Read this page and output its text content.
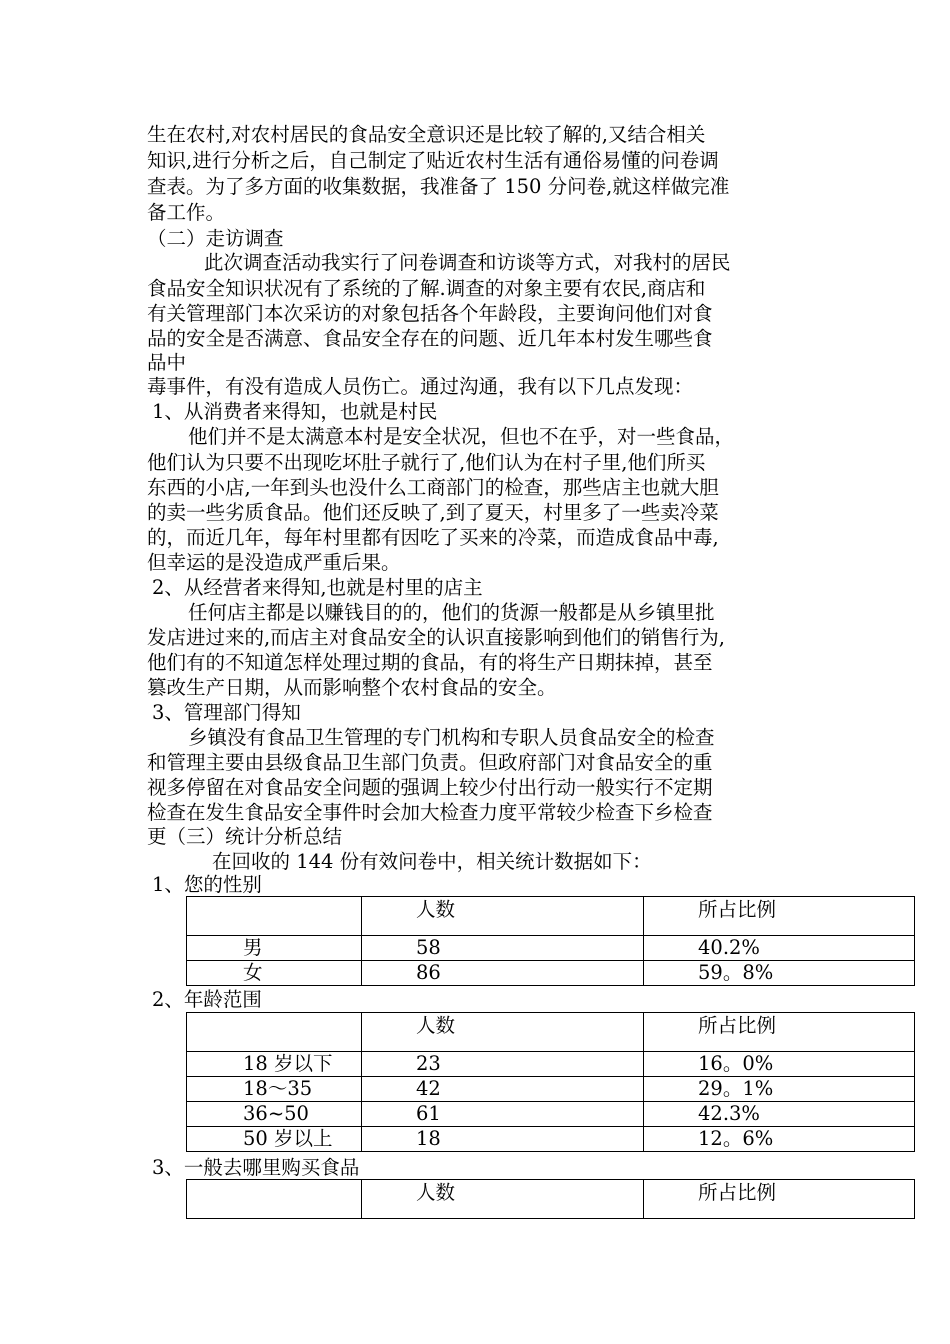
生在农村,对农村居民的食品安全意识还是比较了解的,又结合相关
知识,进行分析之后，自己制定了贴近农村生活有通俗易懂的问卷调
查表。为了多方面的收集数据，我准备了 150 分问卷,就这样做完准
备工作。
（二）走访调查
此次调查活动我实行了问卷调查和访谈等方式，对我村的居民
食品安全知识状况有了系统的了解.调查的对象主要有农民,商店和
有关管理部门本次采访的对象包括各个年龄段，主要询问他们对食
品的安全是否满意、食品安全存在的问题、近几年本村发生哪些食
品中
毒事件，有没有造成人员伤亡。通过沟通，我有以下几点发现：
1、从消费者来得知，也就是村民
他们并不是太满意本村是安全状况，但也不在乎，对一些食品，
他们认为只要不出现吃坏肚子就行了,他们认为在村子里,他们所买
东西的小店,一年到头也没什么工商部门的检查，那些店主也就大胆
的卖一些劣质食品。他们还反映了,到了夏天，村里多了一些卖冷菜
的，而近几年，每年村里都有因吃了买来的冷菜，而造成食品中毒,
但幸运的是没造成严重后果。
2、从经营者来得知,也就是村里的店主
任何店主都是以赚钱目的的，他们的货源一般都是从乡镇里批
发店进过来的,而店主对食品安全的认识直接影响到他们的销售行为,
他们有的不知道怎样处理过期的食品，有的将生产日期抹掉，甚至
篡改生产日期，从而影响整个农村食品的安全。
3、管理部门得知
乡镇没有食品卫生管理的专门机构和专职人员食品安全的检查
和管理主要由县级食品卫生部门负责。但政府部门对食品安全的重
视多停留在对食品安全问题的强调上较少付出行动一般实行不定期
检查在发生食品安全事件时会加大检查力度平常较少检查下乡检查
更（三）统计分析总结
在回收的 144 份有效问卷中，相关统计数据如下：
1、您的性别
	人数	所占比例
男	58	40.2%
女	86	59。8%
2、年龄范围
	人数	所占比例
18 岁以下	23	16。0%
18～35	42	29。1%
36~50	61	42.3%
50 岁以上	18	12。6%
3、一般去哪里购买食品
	人数	所占比例
